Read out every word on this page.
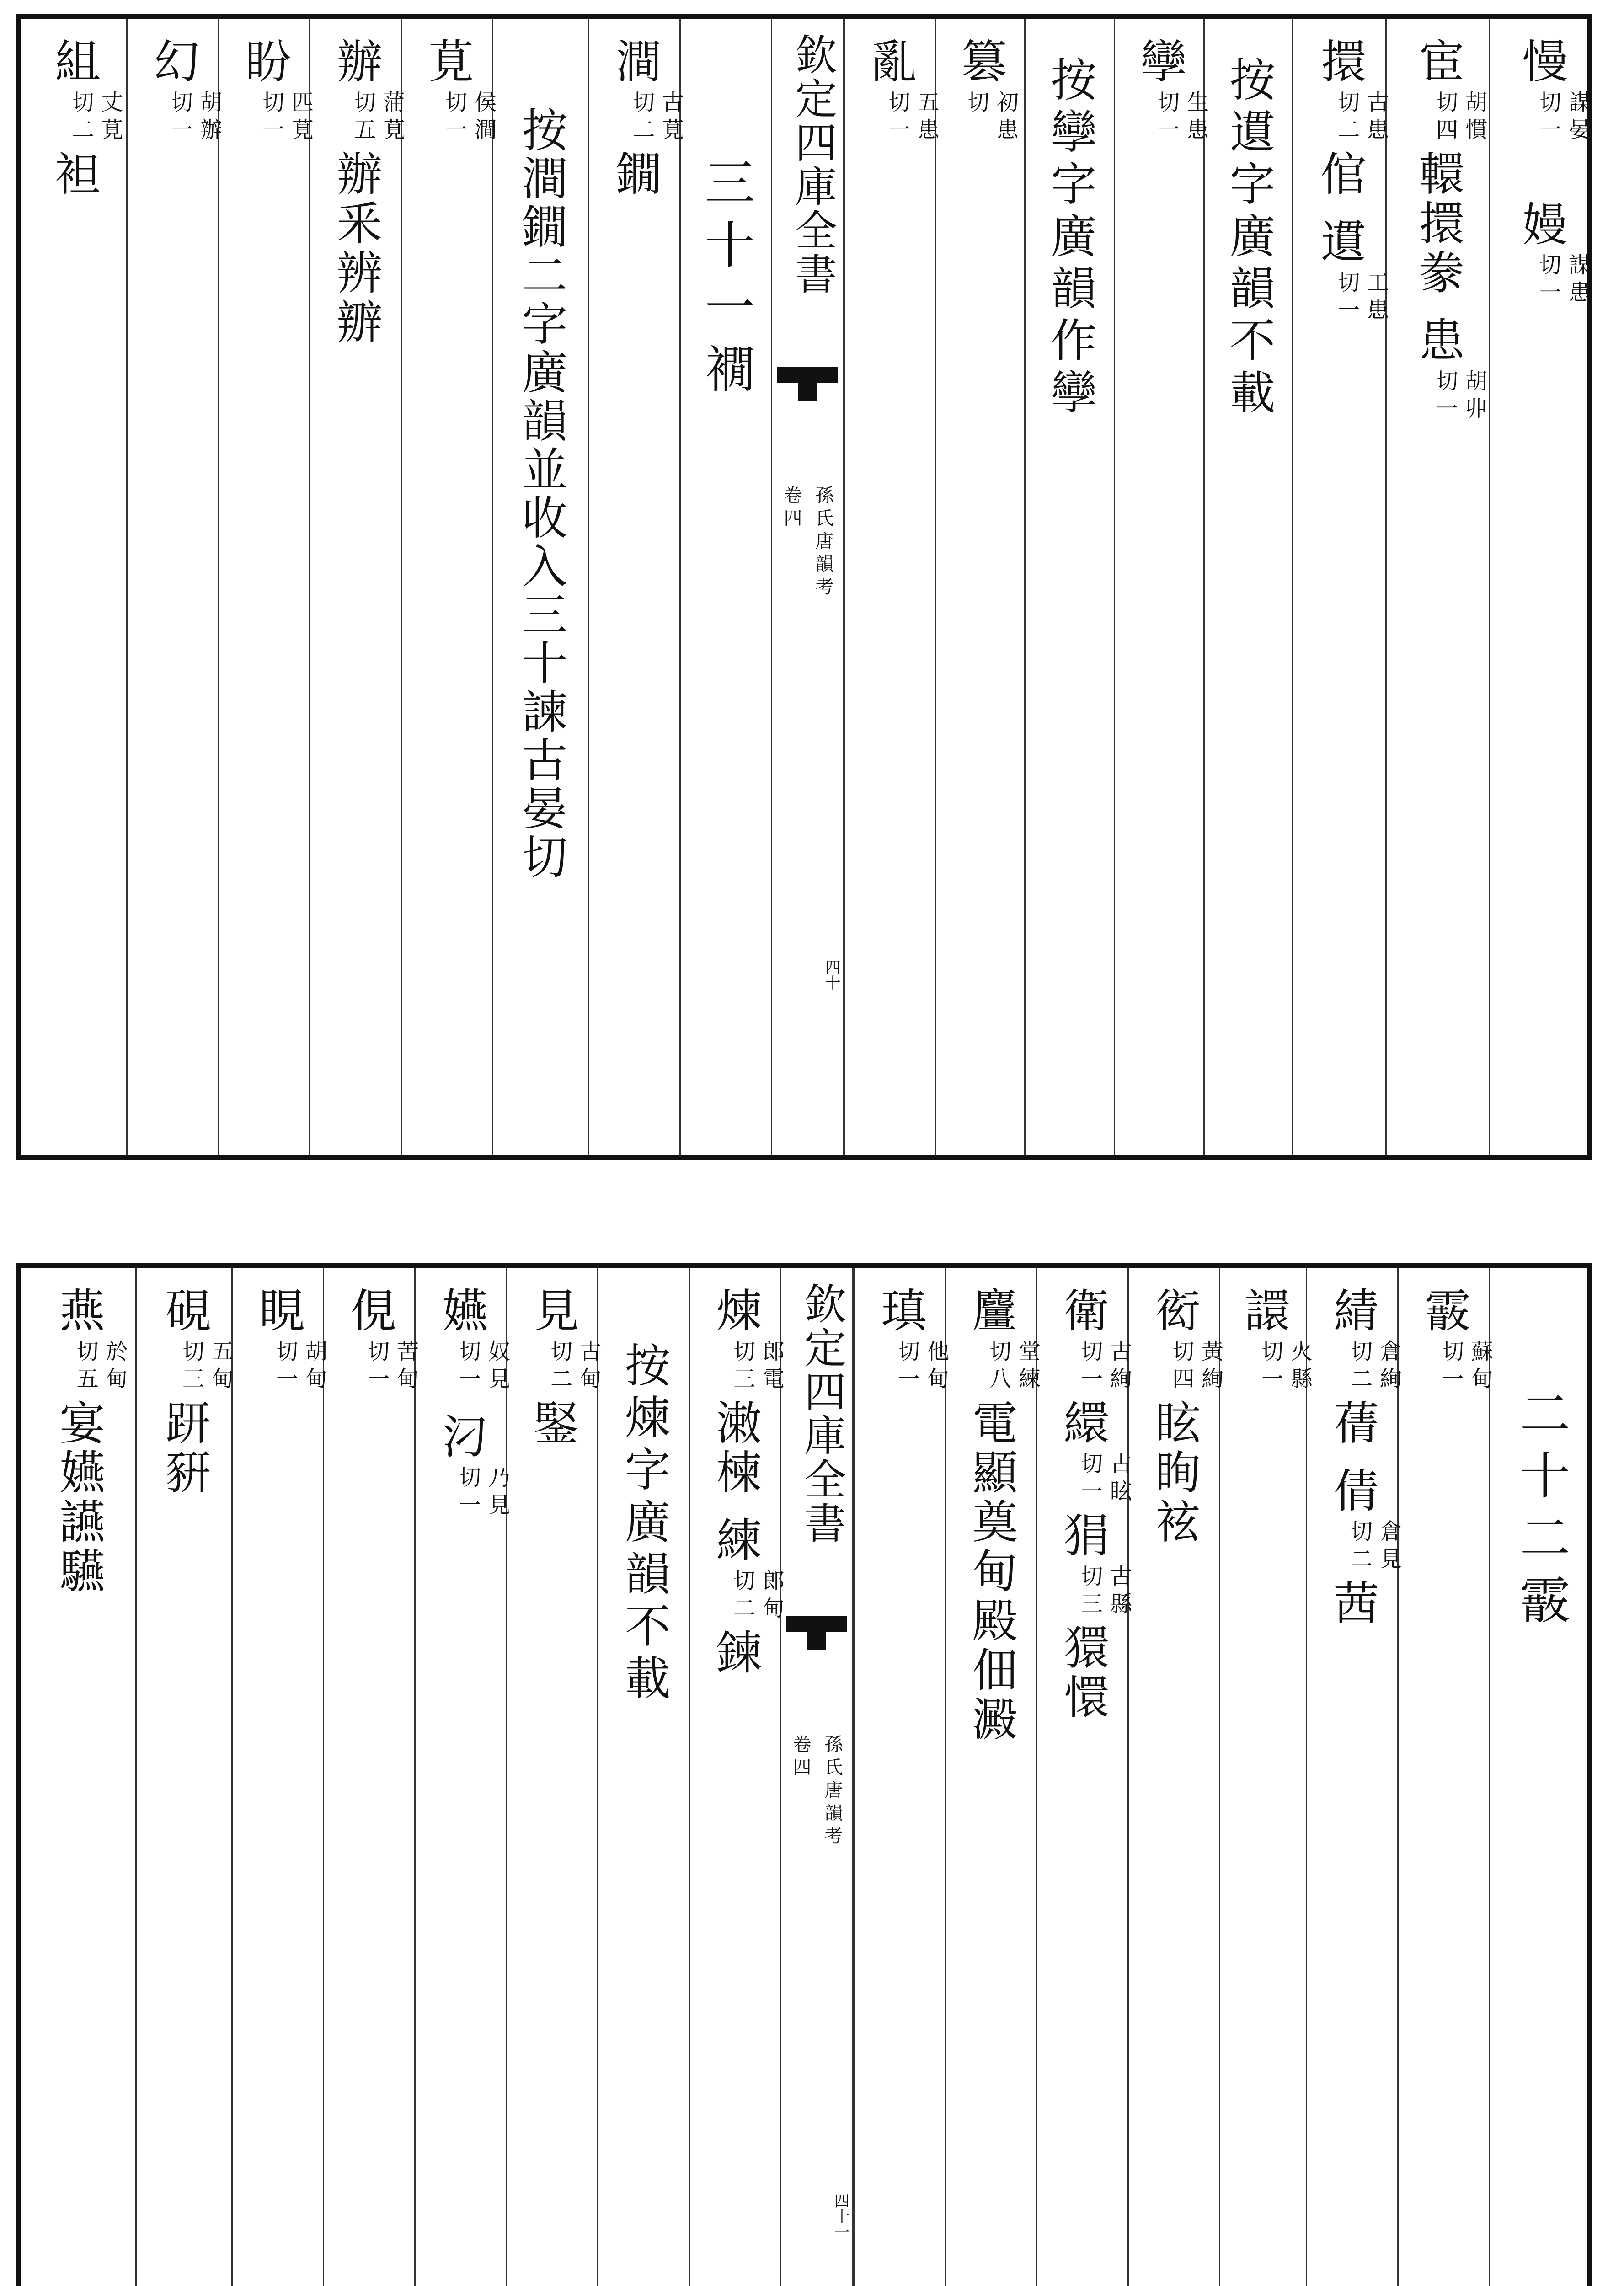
慢
謀晏
切一
嫚
謀患
切一
宦
胡慣
切四
轘擐豢
患
胡丱
切一
擐
古患
切二
倌
遦
工患
切一
按遦字廣韻不載
孿
生患
切一
按孿字廣韻作孿
篡
初患
切
亂
五患
切一
欽定四庫全書
孫氏唐韻考
卷四
四十
三十一襉
澗
古莧
切二
鐗
按澗鐗二字廣韻並收入三十諫古晏切
莧
侯澗
切一
辦
蒲莧
切五
辦釆辨辧
盼
匹莧
切一
幻
胡辦
切一
組
丈莧
切二
袒
二十二霰
霰
蘇甸
切一
綪
倉絢
切二
蒨
倩
倉見
切二
茜
譞
火縣
切一
衒
黃絢
切四
眩眴袨
衛
古絢
切一
繯
古眩
切一
狷
古縣
切三
獧懁
麠
堂練
切八
電顯奠甸殿佃澱
瑱
他甸
切一
欽定四庫全書
孫氏唐韻考
卷四
四十一
煉
郎電
切三
潄楝
練
郎甸
切二
鍊
按煉字廣韻不載
見
古甸
切二
鋻
嬿
奴見
切一
汈
乃見
切一
俔
苦甸
切一
睍
胡甸
切一
硯
五甸
切三
趼豣
燕
於甸
切五
宴嬿讌驠
